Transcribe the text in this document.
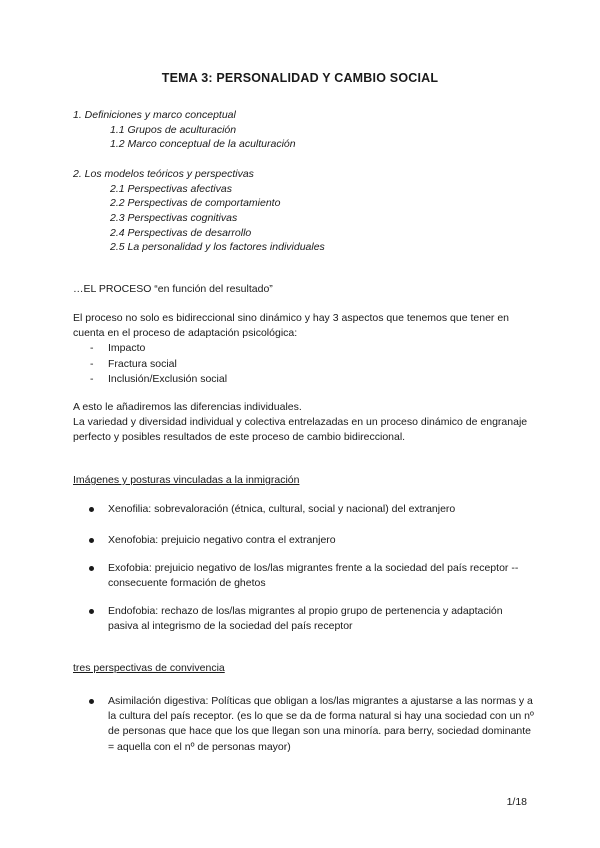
TEMA 3: PERSONALIDAD Y CAMBIO SOCIAL
1. Definiciones y marco conceptual
1.1 Grupos de aculturación
1.2 Marco conceptual de la aculturación
2. Los modelos teóricos y perspectivas
2.1 Perspectivas afectivas
2.2 Perspectivas de comportamiento
2.3 Perspectivas cognitivas
2.4 Perspectivas de desarrollo
2.5 La personalidad y los factores individuales
…EL PROCESO “en función del resultado”
El proceso no solo es bidireccional sino dinámico y hay 3 aspectos que tenemos que tener en cuenta en el proceso de adaptación psicológica:
- Impacto
- Fractura social
- Inclusión/Exclusión social
A esto le añadiremos las diferencias individuales.
La variedad y diversidad individual y colectiva entrelazadas en un proceso dinámico de engranaje perfecto y posibles resultados de este proceso de cambio bidireccional.
Imágenes y posturas vinculadas a la inmigración
Xenofilia: sobrevaloración (étnica, cultural, social y nacional) del extranjero
Xenofobia: prejuicio negativo contra el extranjero
Exofobia: prejuicio negativo de los/las migrantes frente a la sociedad del país receptor -- consecuente formación de ghetos
Endofobia: rechazo de los/las migrantes al propio grupo de pertenencia y adaptación pasiva al integrismo de la sociedad del país receptor
tres perspectivas de convivencia
Asimilación digestiva: Políticas que obligan a los/las migrantes a ajustarse a las normas y a la cultura del país receptor. (es lo que se da de forma natural si hay una sociedad con un nº de personas que hace que los que llegan son una minoría. para berry, sociedad dominante = aquella con el nº de personas mayor)
1/18
